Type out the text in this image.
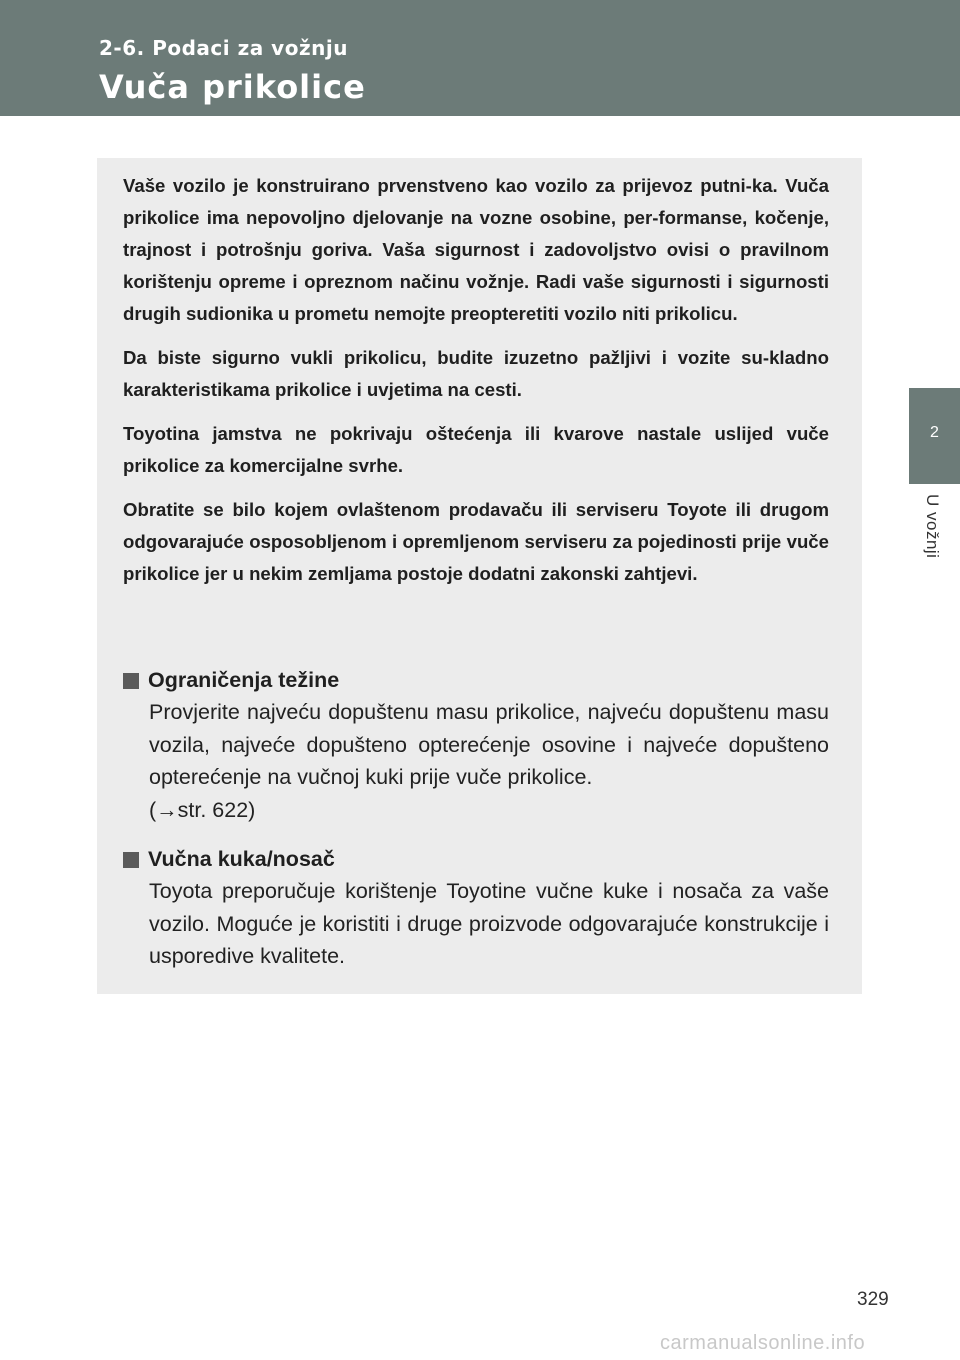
2-6. Podaci za vožnju
Vuča prikolice
2
U vožnji

Vaše vozilo je konstruirano prvenstveno kao vozilo za prijevoz putni-ka. Vuča prikolice ima nepovoljno djelovanje na vozne osobine, per-formanse, kočenje, trajnost i potrošnju goriva. Vaša sigurnost i zadovoljstvo ovisi o pravilnom korištenju opreme i opreznom načinu vožnje. Radi vaše sigurnosti i sigurnosti drugih sudionika u prometu nemojte preopteretiti vozilo niti prikolicu.

Da biste sigurno vukli prikolicu, budite izuzetno pažljivi i vozite su-kladno karakteristikama prikolice i uvjetima na cesti.

Toyotina jamstva ne pokrivaju oštećenja ili kvarove nastale uslijed vuče prikolice za komercijalne svrhe.

Obratite se bilo kojem ovlaštenom prodavaču ili serviseru Toyote ili drugom odgovarajuće osposobljenom i opremljenom serviseru za pojedinosti prije vuče prikolice jer u nekim zemljama postoje dodatni zakonski zahtjevi.

Ograničenja težine
Provjerite najveću dopuštenu masu prikolice, najveću dopuštenu masu vozila, najveće dopušteno opterećenje osovine i najveće dopušteno opterećenje na vučnoj kuki prije vuče prikolice.
(→str. 622)
Vučna kuka/nosač
Toyota preporučuje korištenje Toyotine vučne kuke i nosača za vaše vozilo. Moguće je koristiti i druge proizvode odgovarajuće konstrukcije i usporedive kvalitete.
329
carmanualsonline.info
